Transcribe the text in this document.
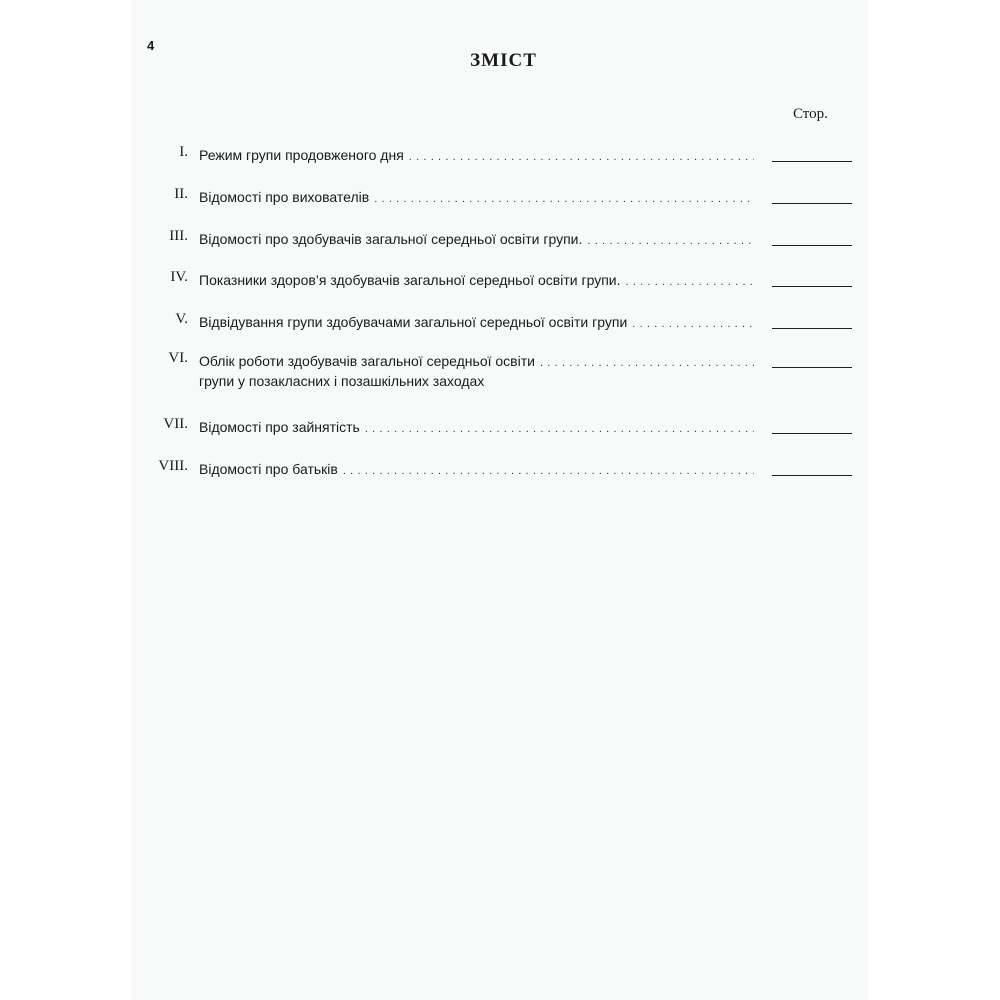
4
ЗМІСТ
Стор.
I. Режим групи продовженого дня
. . .
II. Відомості про вихователів
. . .
III. Відомості про здобувачів загальної середньої освіти групи.
. . .
IV. Показники здоров’я здобувачів загальної середньої освіти групи.
. . .
V. Відвідування групи здобувачами загальної середньої освіти групи
. . .
VI. Облік роботи здобувачів загальної середньої освіти
. . .
групи у позакласних і позашкільних заходах
VII. Відомості про зайнятість
. . .
VIII. Відомості про батьків
. . .
